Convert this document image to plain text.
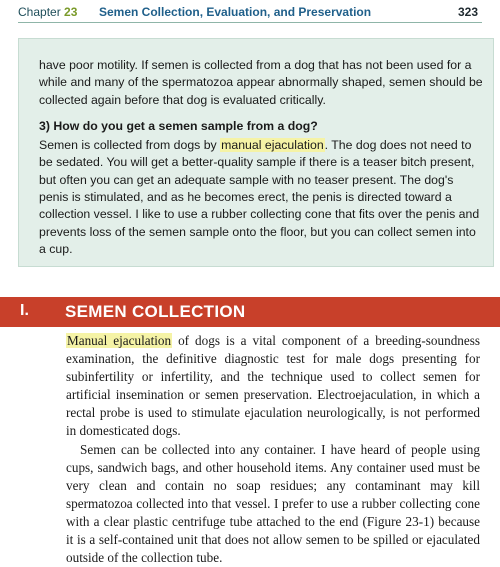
Chapter 23 Semen Collection, Evaluation, and Preservation	323

have poor motility. If semen is collected from a dog that has not been used for a while and many of the spermatozoa appear abnormally shaped, semen should be collected again before that dog is evaluated critically.

3) How do you get a semen sample from a dog?

Semen is collected from dogs by manual ejaculation. The dog does not need to be sedated. You will get a better-quality sample if there is a teaser bitch present, but often you can get an adequate sample with no teaser present. The dog's penis is stimulated, and as he becomes erect, the penis is directed toward a collection vessel. I like to use a rubber collecting cone that fits over the penis and prevents loss of the semen sample onto the floor, but you can collect semen into a cup.

I. SEMEN COLLECTION

Manual ejaculation of dogs is a vital component of a breeding-soundness examination, the definitive diagnostic test for male dogs presenting for subinfertility or infertility, and the technique used to collect semen for artificial insemination or semen preservation. Electroejaculation, in which a rectal probe is used to stimulate ejaculation neurologically, is not performed in domesticated dogs.

Semen can be collected into any container. I have heard of people using cups, sandwich bags, and other household items. Any container used must be very clean and contain no soap residues; any contaminant may kill spermatozoa collected into that vessel. I prefer to use a rubber collecting cone with a clear plastic centrifuge tube attached to the end (Figure 23-1) because it is a self-contained unit that does not allow semen to be spilled or ejaculated outside of the collection tube.
